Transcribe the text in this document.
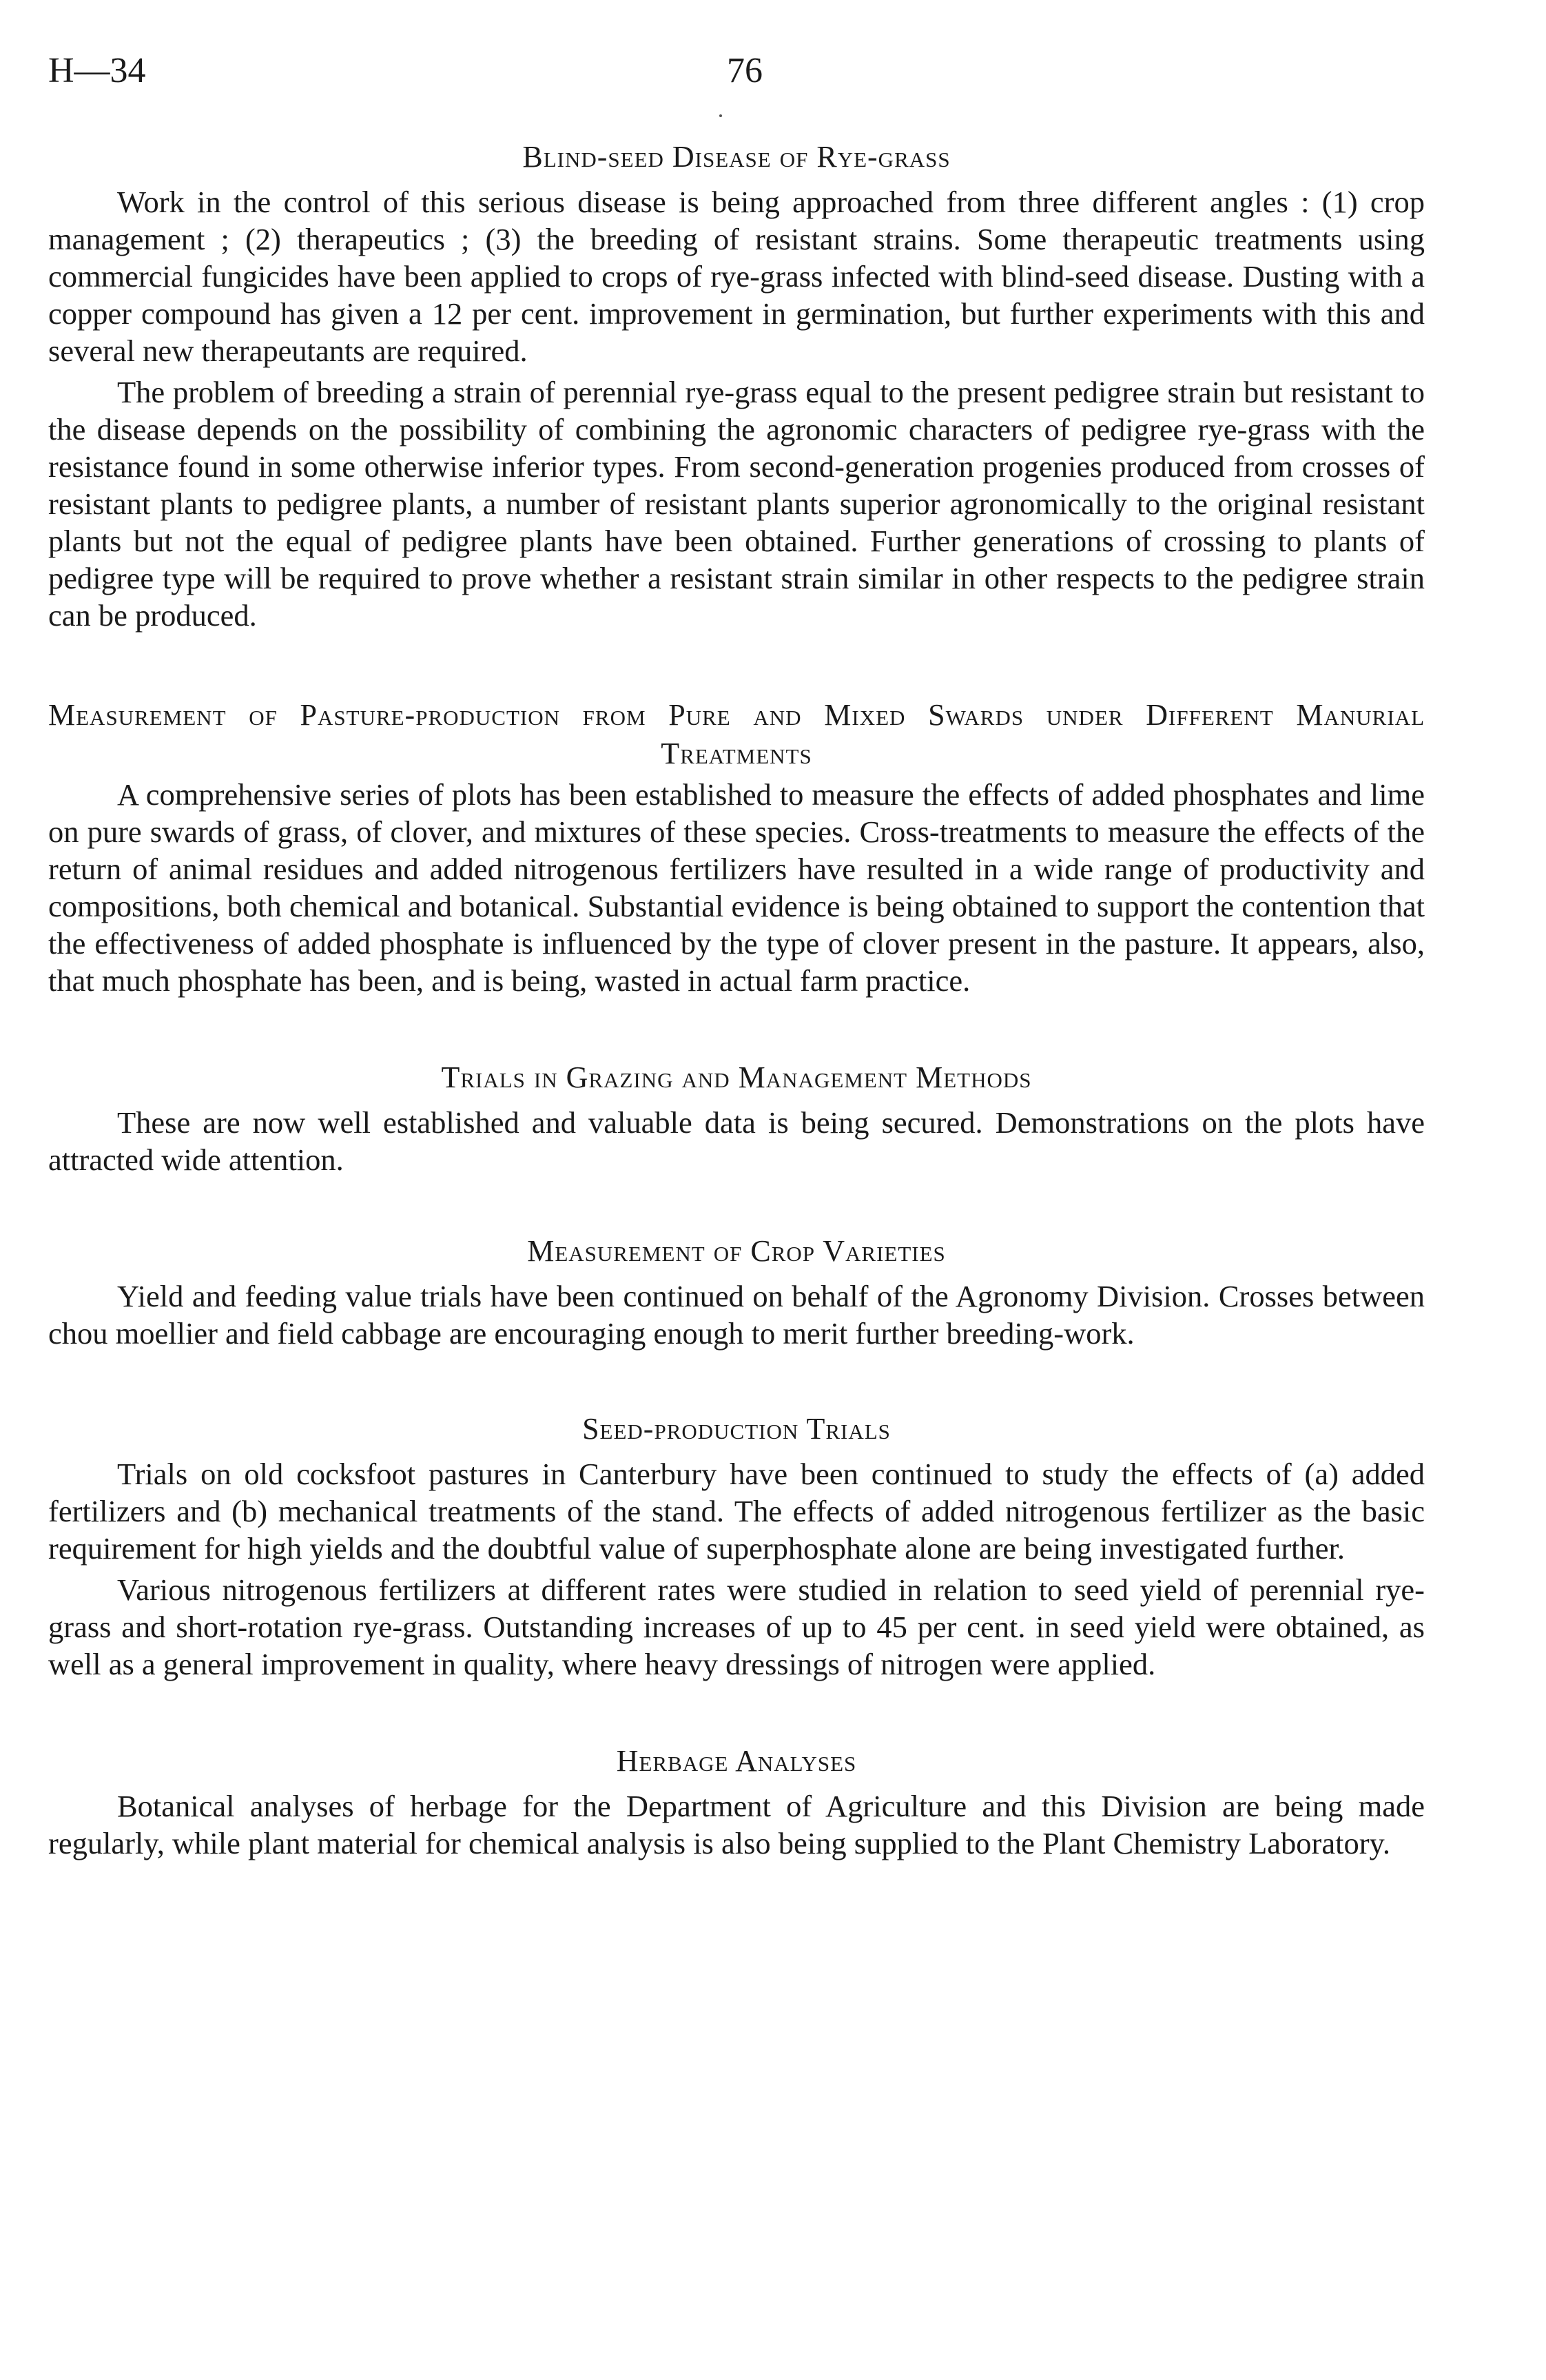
H—34	76
Blind-seed Disease of Rye-grass

Work in the control of this serious disease is being approached from three different angles : (1) crop management ; (2) therapeutics ; (3) the breeding of resistant strains. Some therapeutic treatments using commercial fungicides have been applied to crops of rye-grass infected with blind-seed disease. Dusting with a copper compound has given a 12 per cent. improvement in germination, but further experiments with this and several new therapeutants are required.

The problem of breeding a strain of perennial rye-grass equal to the present pedigree strain but resistant to the disease depends on the possibility of combining the agronomic characters of pedigree rye-grass with the resistance found in some otherwise inferior types. From second-generation progenies produced from crosses of resistant plants to pedigree plants, a number of resistant plants superior agronomically to the original resistant plants but not the equal of pedigree plants have been obtained. Further generations of crossing to plants of pedigree type will be required to prove whether a resistant strain similar in other respects to the pedigree strain can be produced.

Measurement of Pasture-production from Pure and Mixed Swards under Different Manurial Treatments

A comprehensive series of plots has been established to measure the effects of added phosphates and lime on pure swards of grass, of clover, and mixtures of these species. Cross-treatments to measure the effects of the return of animal residues and added nitrogenous fertilizers have resulted in a wide range of productivity and compositions, both chemical and botanical. Substantial evidence is being obtained to support the contention that the effectiveness of added phosphate is influenced by the type of clover present in the pasture. It appears, also, that much phosphate has been, and is being, wasted in actual farm practice.

Trials in Grazing and Management Methods

These are now well established and valuable data is being secured. Demonstrations on the plots have attracted wide attention.

Measurement of Crop Varieties

Yield and feeding value trials have been continued on behalf of the Agronomy Division. Crosses between chou moellier and field cabbage are encouraging enough to merit further breeding-work.

Seed-production Trials

Trials on old cocksfoot pastures in Canterbury have been continued to study the effects of (a) added fertilizers and (b) mechanical treatments of the stand. The effects of added nitrogenous fertilizer as the basic requirement for high yields and the doubtful value of superphosphate alone are being investigated further.

Various nitrogenous fertilizers at different rates were studied in relation to seed yield of perennial rye-grass and short-rotation rye-grass. Outstanding increases of up to 45 per cent. in seed yield were obtained, as well as a general improvement in quality, where heavy dressings of nitrogen were applied.

Herbage Analyses

Botanical analyses of herbage for the Department of Agriculture and this Division are being made regularly, while plant material for chemical analysis is also being supplied to the Plant Chemistry Laboratory.
